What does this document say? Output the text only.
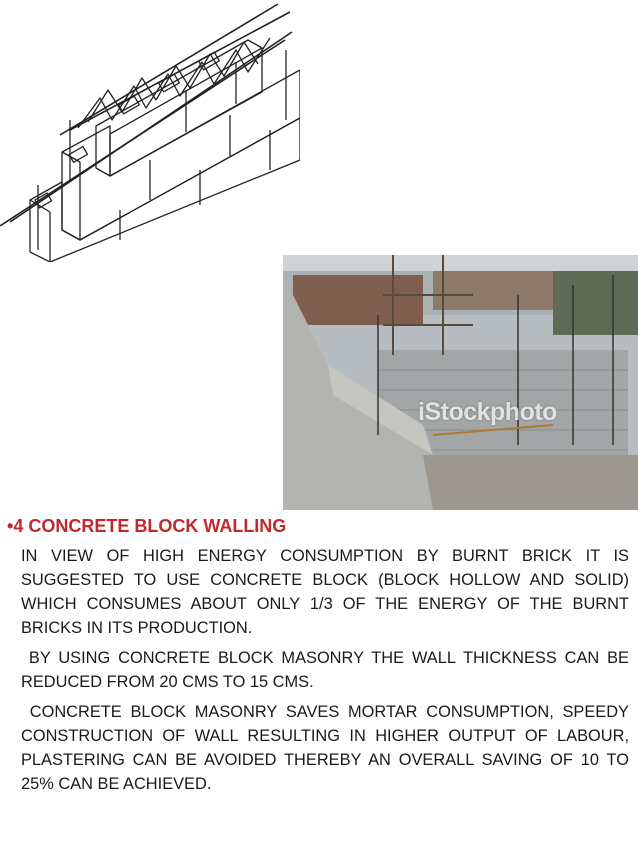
iStockphoto
•4 CONCRETE BLOCK WALLING
IN VIEW OF HIGH ENERGY CONSUMPTION BY BURNT BRICK IT IS SUGGESTED TO USE CONCRETE BLOCK (BLOCK HOLLOW AND SOLID) WHICH CONSUMES ABOUT ONLY 1/3 OF THE ENERGY OF THE BURNT BRICKS IN ITS PRODUCTION.
BY USING CONCRETE BLOCK MASONRY THE WALL THICKNESS CAN BE REDUCED FROM 20 CMS TO 15 CMS.
CONCRETE BLOCK MASONRY SAVES MORTAR CONSUMPTION, SPEEDY CONSTRUCTION OF WALL RESULTING IN HIGHER OUTPUT OF LABOUR, PLASTERING CAN BE AVOIDED THEREBY AN OVERALL SAVING OF 10 TO 25% CAN BE ACHIEVED.
